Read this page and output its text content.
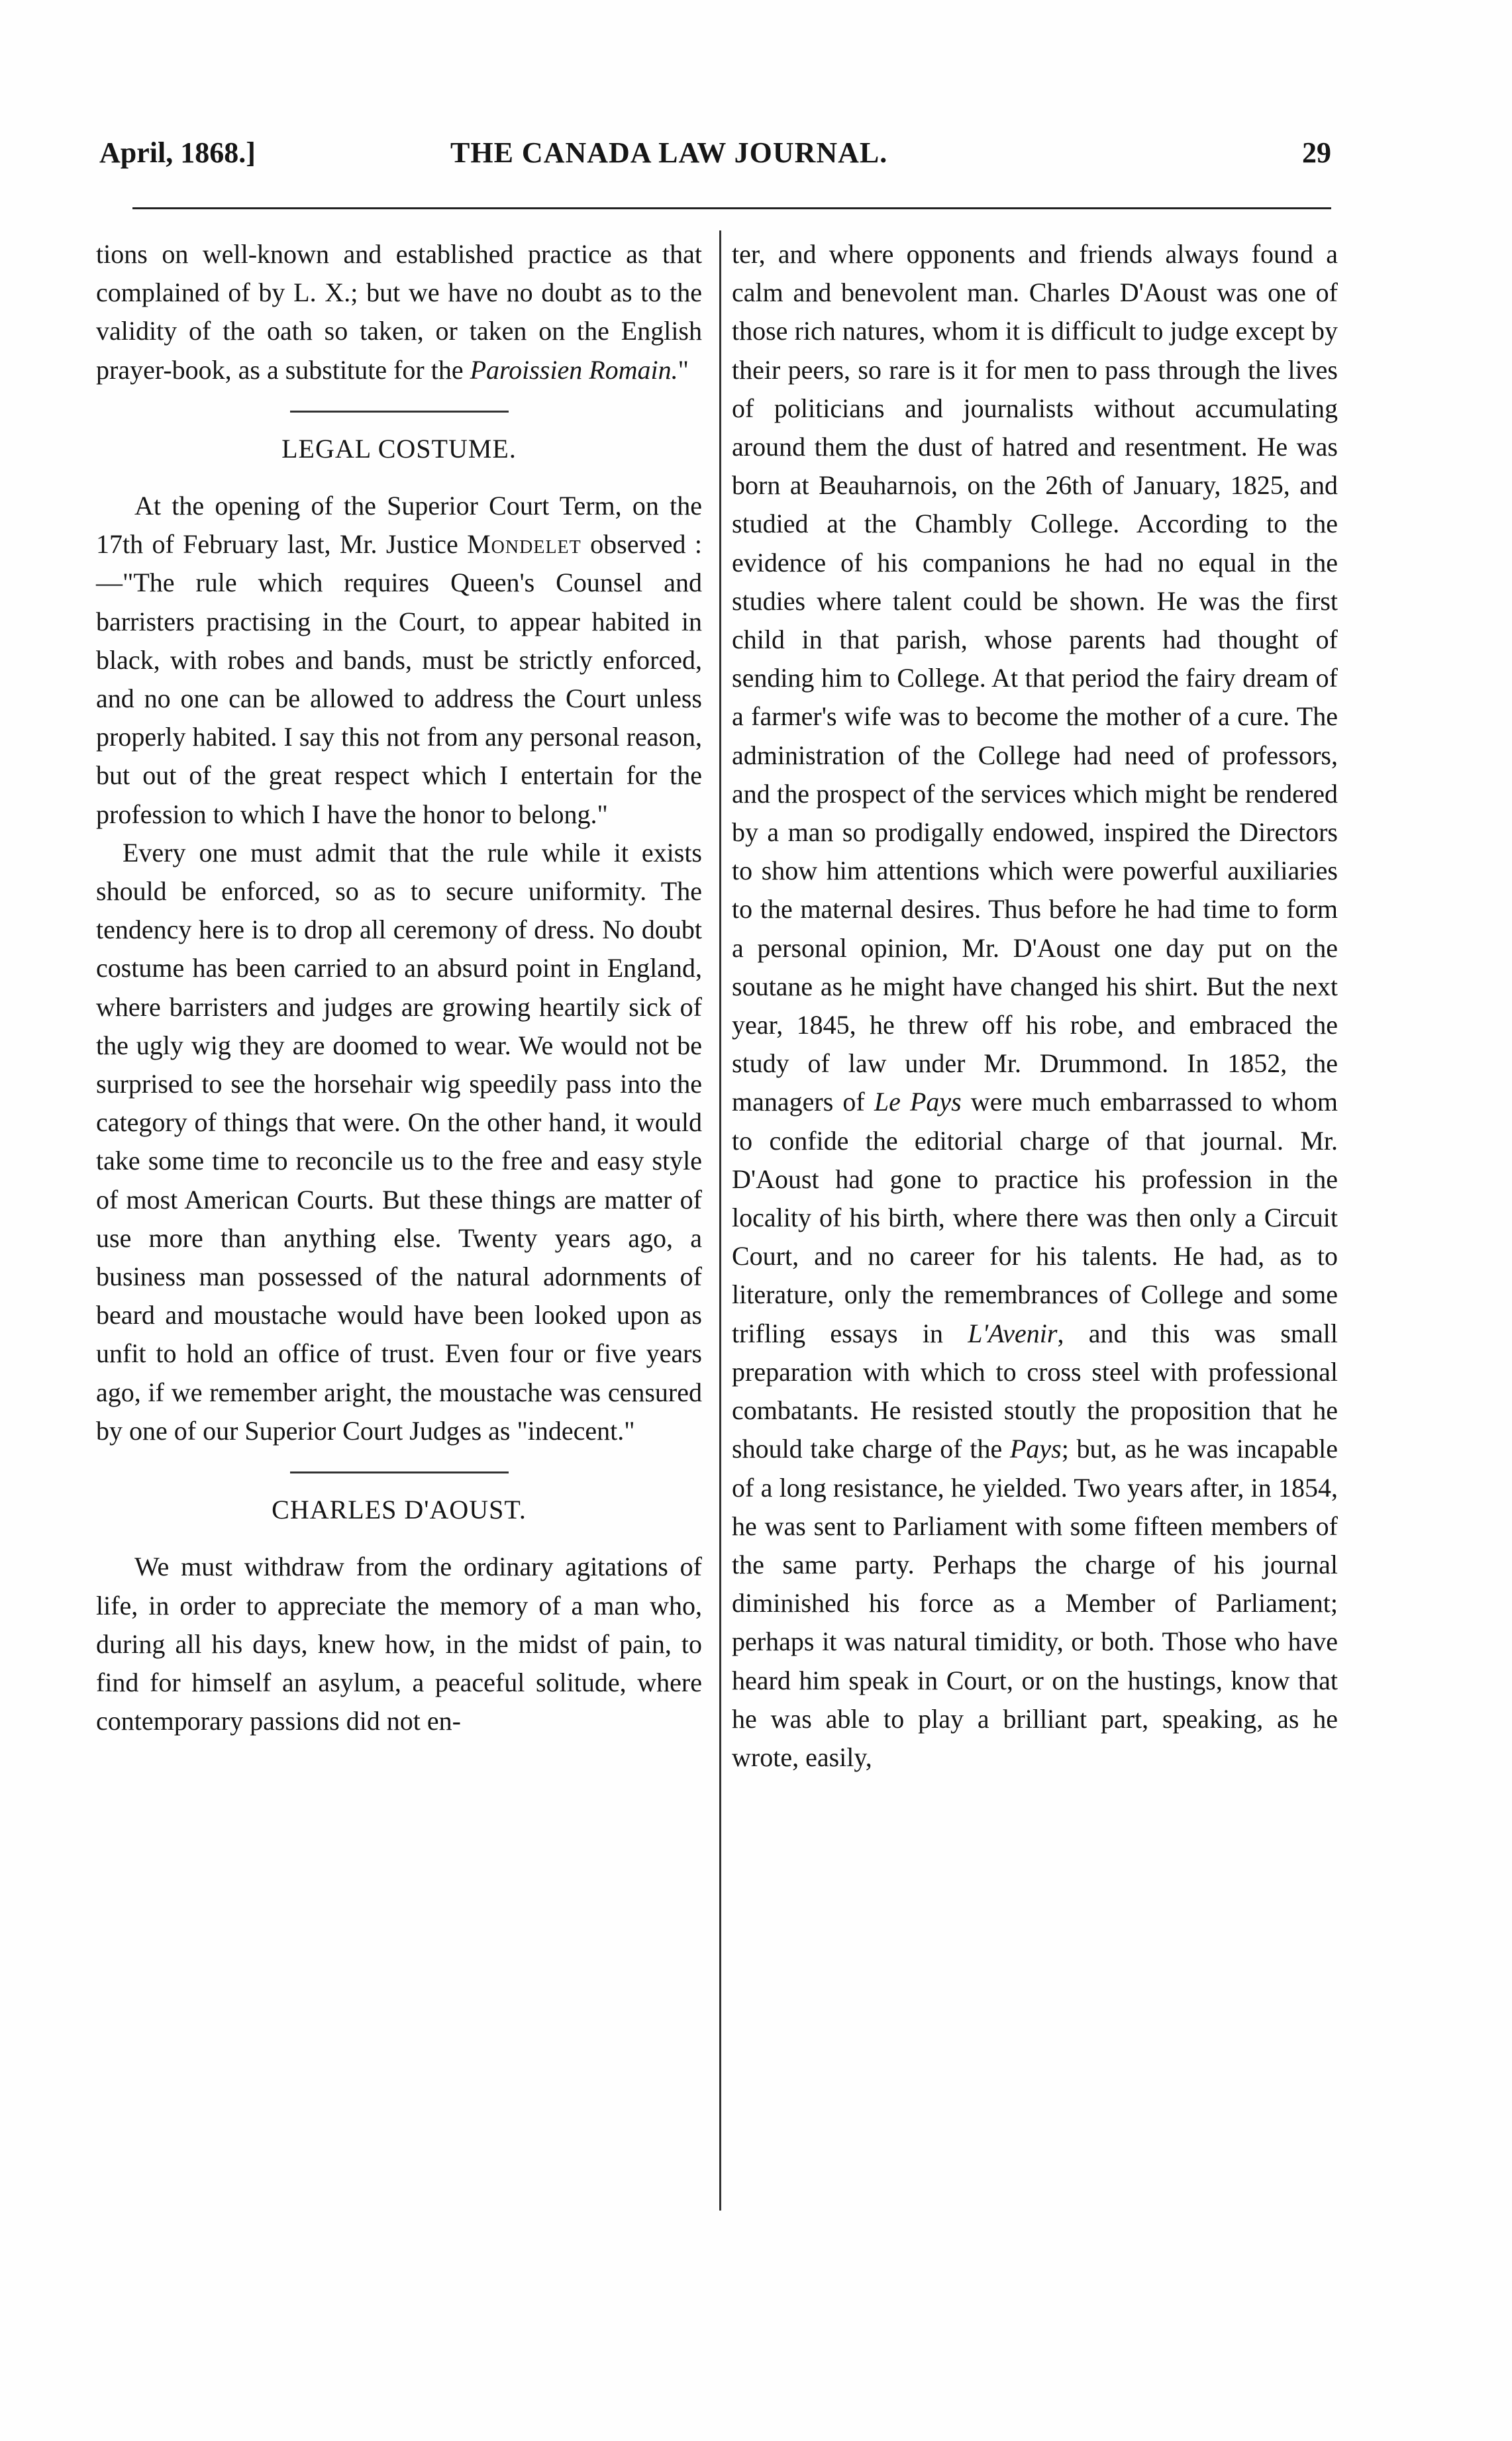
April, 1868.]	THE CANADA LAW JOURNAL.	29

tions on well-known and established practice as that complained of by L. X.; but we have no doubt as to the validity of the oath so taken, or taken on the English prayer-book, as a substitute for the Paroissien Romain."

LEGAL COSTUME.

At the opening of the Superior Court Term, on the 17th of February last, Mr. Justice Mondelet observed :—"The rule which requires Queen's Counsel and barristers practising in the Court, to appear habited in black, with robes and bands, must be strictly enforced, and no one can be allowed to address the Court unless properly habited. I say this not from any personal reason, but out of the great respect which I entertain for the profession to which I have the honor to belong."

Every one must admit that the rule while it exists should be enforced, so as to secure uniformity. The tendency here is to drop all ceremony of dress. No doubt costume has been carried to an absurd point in England, where barristers and judges are growing heartily sick of the ugly wig they are doomed to wear. We would not be surprised to see the horsehair wig speedily pass into the category of things that were. On the other hand, it would take some time to reconcile us to the free and easy style of most American Courts. But these things are matter of use more than anything else. Twenty years ago, a business man possessed of the natural adornments of beard and moustache would have been looked upon as unfit to hold an office of trust. Even four or five years ago, if we remember aright, the moustache was censured by one of our Superior Court Judges as "indecent."

CHARLES D'AOUST.

We must withdraw from the ordinary agitations of life, in order to appreciate the memory of a man who, during all his days, knew how, in the midst of pain, to find for himself an asylum, a peaceful solitude, where contemporary passions did not en-

ter, and where opponents and friends always found a calm and benevolent man. Charles D'Aoust was one of those rich natures, whom it is difficult to judge except by their peers, so rare is it for men to pass through the lives of politicians and journalists without accumulating around them the dust of hatred and resentment. He was born at Beauharnois, on the 26th of January, 1825, and studied at the Chambly College. According to the evidence of his companions he had no equal in the studies where talent could be shown. He was the first child in that parish, whose parents had thought of sending him to College. At that period the fairy dream of a farmer's wife was to become the mother of a cure. The administration of the College had need of professors, and the prospect of the services which might be rendered by a man so prodigally endowed, inspired the Directors to show him attentions which were powerful auxiliaries to the maternal desires. Thus before he had time to form a personal opinion, Mr. D'Aoust one day put on the soutane as he might have changed his shirt. But the next year, 1845, he threw off his robe, and embraced the study of law under Mr. Drummond. In 1852, the managers of Le Pays were much embarrassed to whom to confide the editorial charge of that journal. Mr. D'Aoust had gone to practice his profession in the locality of his birth, where there was then only a Circuit Court, and no career for his talents. He had, as to literature, only the remembrances of College and some trifling essays in L'Avenir, and this was small preparation with which to cross steel with professional combatants. He resisted stoutly the proposition that he should take charge of the Pays; but, as he was incapable of a long resistance, he yielded. Two years after, in 1854, he was sent to Parliament with some fifteen members of the same party. Perhaps the charge of his journal diminished his force as a Member of Parliament; perhaps it was natural timidity, or both. Those who have heard him speak in Court, or on the hustings, know that he was able to play a brilliant part, speaking, as he wrote, easily,
